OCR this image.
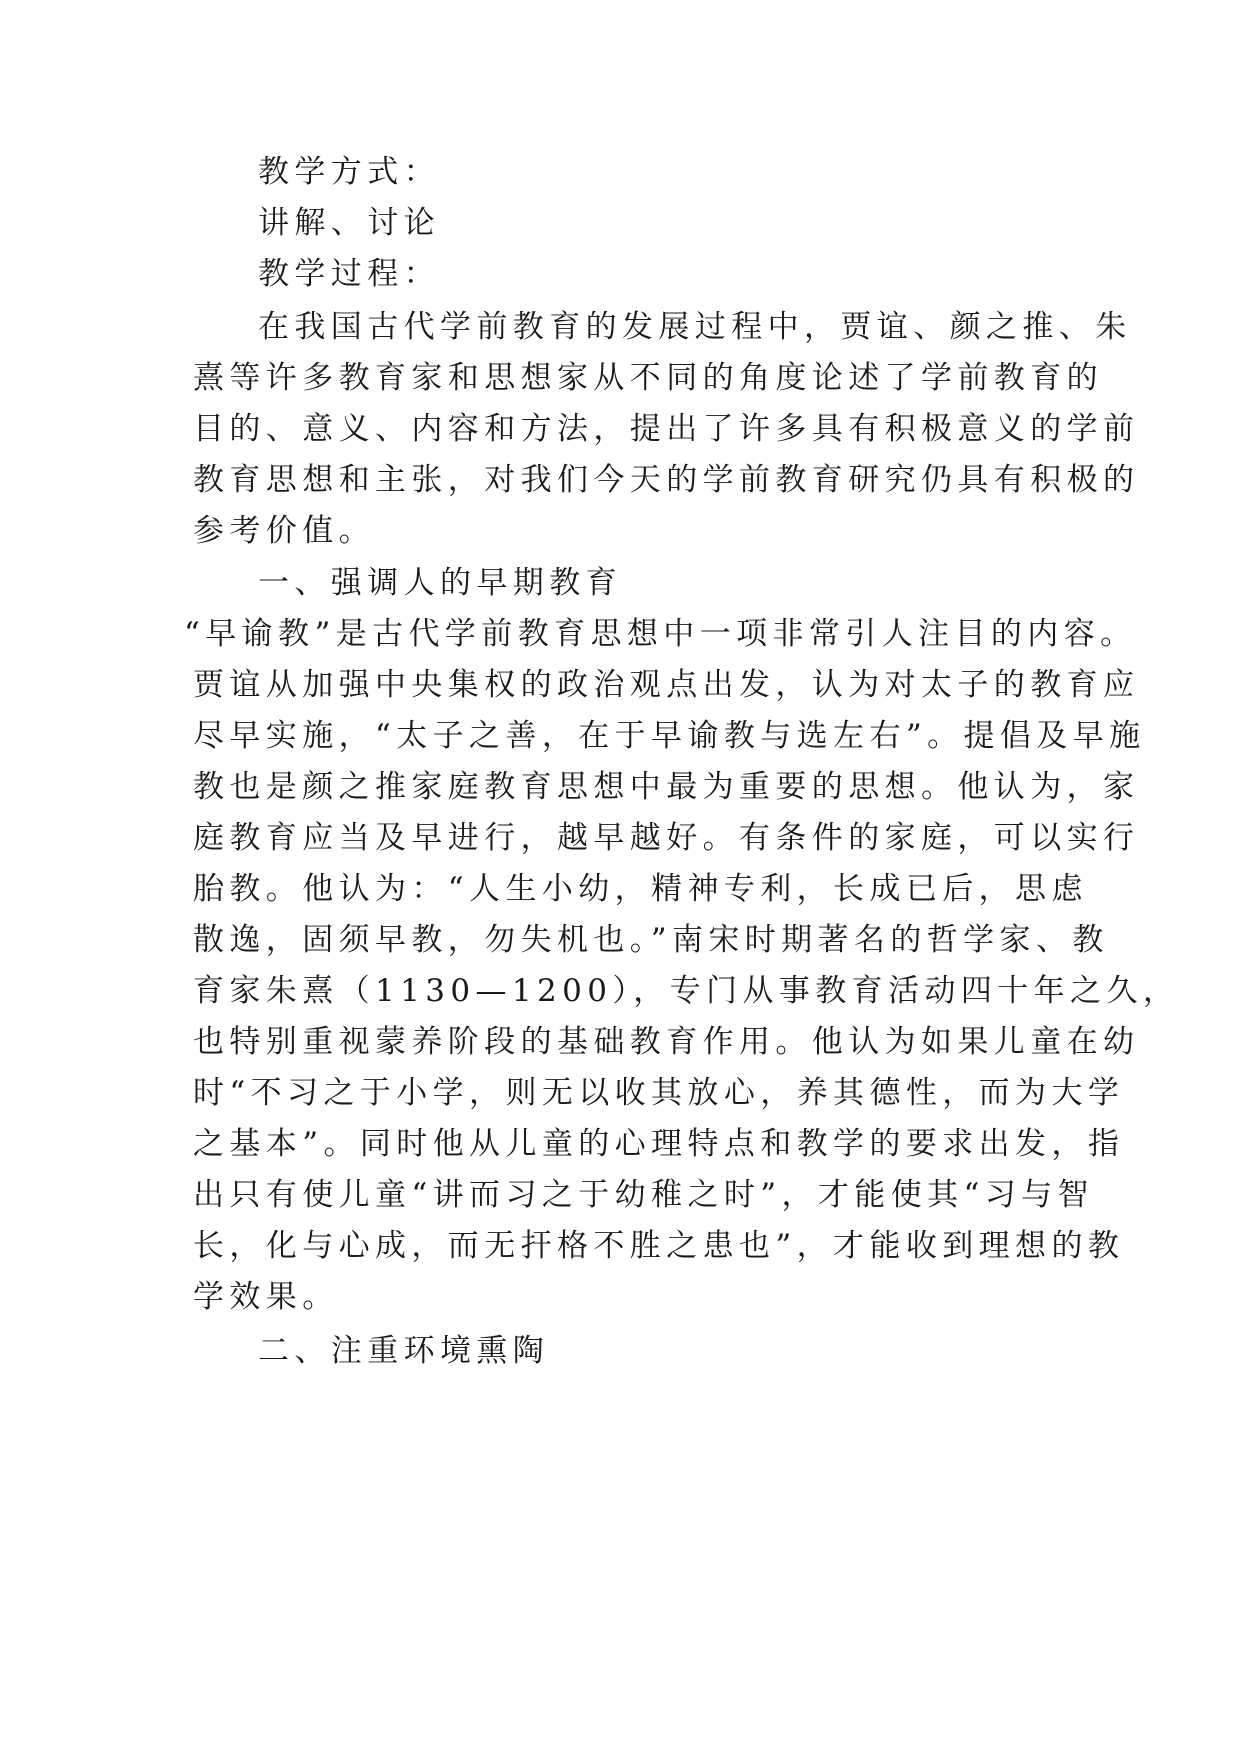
教学方式：
讲解、讨论
教学过程：
在我国古代学前教育的发展过程中，贾谊、颜之推、朱
熹等许多教育家和思想家从不同的角度论述了学前教育的
目的、意义、内容和方法，提出了许多具有积极意义的学前
教育思想和主张，对我们今天的学前教育研究仍具有积极的
参考价值。
一、强调人的早期教育
“早谕教”是古代学前教育思想中一项非常引人注目的内容。
贾谊从加强中央集权的政治观点出发，认为对太子的教育应
尽早实施，“太子之善，在于早谕教与选左右”。提倡及早施
教也是颜之推家庭教育思想中最为重要的思想。他认为，家
庭教育应当及早进行，越早越好。有条件的家庭，可以实行
胎教。他认为：“人生小幼，精神专利，长成已后，思虑
散逸，固须早教，勿失机也。”南宋时期著名的哲学家、教
育家朱熹（1130—1200），专门从事教育活动四十年之久，
也特别重视蒙养阶段的基础教育作用。他认为如果儿童在幼
时“不习之于小学，则无以收其放心，养其德性，而为大学
之基本”。同时他从儿童的心理特点和教学的要求出发，指
出只有使儿童“讲而习之于幼稚之时”，才能使其“习与智
长，化与心成，而无扞格不胜之患也”，才能收到理想的教
学效果。
二、注重环境熏陶
